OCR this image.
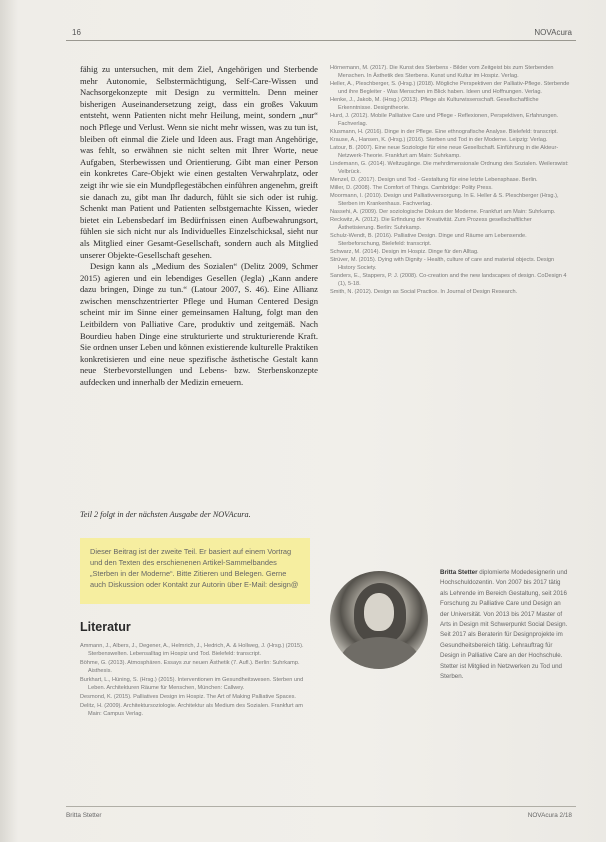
16	NOVAcura

fähig zu untersuchen, mit dem Ziel, Angehörigen und Sterbende mehr Autonomie, Selbstermächtigung, Self-Care-Wissen und Nachsorgekonzepte mit Design zu vermitteln. Denn meiner bisherigen Auseinandersetzung zeigt, dass ein großes Vakuum entsteht, wenn Patienten nicht mehr Heilung, meint, sondern „nur“ noch Pflege und Verlust. Wenn sie nicht mehr wissen, was zu tun ist, bleiben oft einmal die Ziele und Ideen aus. Fragt man Angehörige, was fehlt, so erwähnen sie nicht selten mit Ihrer Worte, neue Aufgaben, Sterbewissen und Orientierung. Gibt man einer Person ein konkretes Care-Objekt wie einen gestalten Verwahrplatz, oder zeigt ihr wie sie ein Mundpflegestäbchen einführen angenehm, greift sie danach zu, gibt man Ihr dadurch, fühlt sie sich oder ist ruhig. Schenkt man Patient und Patienten selbstgemachte Kissen, wieder bietet ein Lebensbedarf im Bedürfnissen einen Aufbewahrungsort, fühlen sie sich nicht nur als Individuelles Einzelschicksal, sieht nur als Mitglied einer Gesamt-Gesellschaft, sondern auch als Mitglied unserer Objekte-Gesellschaft gesehen.

Design kann als „Medium des Sozialen“ (Delitz 2009, Schmer 2015) agieren und ein lebendiges Gesellen (Jegla) „Kann andere dazu bringen, Dinge zu tun.“ (Latour 2007, S. 46). Eine Allianz zwischen menschzentrierter Pflege und Human Centered Design scheint mir im Sinne einer gemeinsamen Haltung, folgt man den Leitbildern von Palliative Care, produktiv und zeitgemäß. Nach Bourdieu haben Dinge eine strukturierte und strukturierende Kraft. Sie ordnen unser Leben und können existierende kulturelle Praktiken konkretisieren und eine neue spezifische ästhetische Gestalt kann neue Sterbevorstellungen und Lebens- bzw. Sterbenskonzepte aufdecken und innerhalb der Medizin erneuern.

Teil 2 folgt in der nächsten Ausgabe der NOVAcura.
Dieser Beitrag ist der zweite Teil. Er basiert auf einem Vortrag und den Texten des erschienenen Artikel-Sammelbandes „Sterben in der Moderne“. Bitte Zitieren und Belegen. Gerne auch Diskussion oder Kontakt zur Autorin über E-Mail: design@
Literatur
Ammann, J., Albers, J., Degener, A., Helmrich, J., Hedrich, A. & Hollweg, J. (Hrsg.) (2015). Sterbenswelten. Lebensalltag im Hospiz und Tod. Bielefeld: transcript.
Böhme, G. (2013). Atmosphären. Essays zur neuen Ästhetik (7. Aufl.). Berlin: Suhrkamp. Aisthesis.
Burkhart, L., Hüning, S. (Hrsg.) (2015). Interventionen im Gesundheitswesen. Sterben und Leben. Architekturen Räume für Menschen, München: Callwey.
Desmond, K. (2015). Palliatives Design im Hospiz. The Art of Making Palliative Spaces.
Delitz, H. (2009). Architektursoziologie. Architektur als Medium des Sozialen. Frankfurt am Main: Campus Verlag.
Hörnemann, M. (2017). Die Kunst des Sterbens - Bilder vom Zeitgeist bis zum Sterbenden Menschen. In Ästhetik des Sterbens. Kunst und Kultur im Hospiz. Verlag.
Heller, A., Pleschberger, S. (Hrsg.) (2018). Mögliche Perspektiven der Palliativ-Pflege. Sterbende und ihre Begleiter - Was Menschen im Blick haben. Ideen und Hoffnungen. Verlag.
Henke, J., Jakob, M. (Hrsg.) (2013). Pflege als Kulturwissenschaft. Gesellschaftliche Erkenntnisse. Designtheorie.
Hurd, J. (2012). Mobile Palliative Care und Pflege - Reflexionen, Perspektiven, Erfahrungen. Fachverlag.
Klusmann, H. (2016). Dinge in der Pflege. Eine ethnografische Analyse. Bielefeld: transcript.
Krause, A., Hansen, K. (Hrsg.) (2016). Sterben und Tod in der Moderne. Leipzig: Verlag.
Latour, B. (2007). Eine neue Soziologie für eine neue Gesellschaft. Einführung in die Akteur-Netzwerk-Theorie. Frankfurt am Main: Suhrkamp.
Lindemann, G. (2014). Weltzugänge. Die mehrdimensionale Ordnung des Sozialen. Weilerswist: Velbrück.
Menzel, D. (2017). Design und Tod - Gestaltung für eine letzte Lebensphase. Berlin.
Miller, D. (2008). The Comfort of Things. Cambridge: Polity Press.
Moormann, I. (2010). Design und Palliativversorgung. In E. Heller & S. Pleschberger (Hrsg.), Sterben im Krankenhaus. Fachverlag.
Nassehi, A. (2009). Der soziologische Diskurs der Moderne. Frankfurt am Main: Suhrkamp.
Reckwitz, A. (2012). Die Erfindung der Kreativität. Zum Prozess gesellschaftlicher Ästhetisierung. Berlin: Suhrkamp.
Schulz-Wendt, B. (2016). Palliative Design. Dinge und Räume am Lebensende. Sterbeforschung, Bielefeld: transcript.
Schwarz, M. (2014). Design im Hospiz. Dinge für den Alltag.
Strüver, M. (2015). Dying with Dignity - Health, culture of care and material objects. Design History Society.
Sanders, E., Stappers, P. J. (2008). Co-creation and the new landscapes of design. CoDesign 4 (1), 5-18.
Smith, N. (2012). Design as Social Practice. In Journal of Design Research.
Britta Stetter diplomierte Modedesignerin und Hochschuldozentin. Von 2007 bis 2017 tätig als Lehrende im Bereich Gestaltung, seit 2016 Forschung zu Palliative Care und Design an der Universität. Von 2013 bis 2017 Master of Arts in Design mit Schwerpunkt Social Design. Seit 2017 als Beraterin für Designprojekte im Gesundheitsbereich tätig. Lehrauftrag für Design in Palliative Care an der Hochschule. Stetter ist Mitglied in Netzwerken zu Tod und Sterben.
Britta Stetter	NOVAcura 2/18
